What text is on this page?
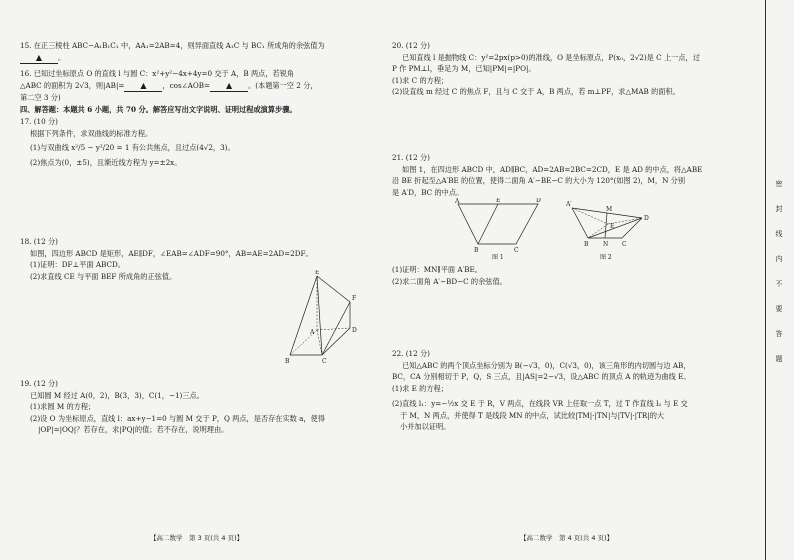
15. 在正三棱柱 ABC−A₁B₁C₁ 中，AA₁=2AB=4，则异面直线 A₁C 与 BC₁ 所成角的余弦值为

▲ 。

16. 已知过坐标原点 O 的直线 l 与圆 C：x²+y²−4x+4y=0 交于 A，B 两点，若锐角

△ABC 的面积为 2√3，则|AB|= ▲ ，cos∠AOB= ▲ 。(本题第一空 2 分，

第二空 3 分)

四、解答题：本题共 6 小题，共 70 分。解答应写出文字说明、证明过程或演算步骤。

17. (10 分)

根据下列条件，求双曲线的标准方程。

(1)与双曲线 x²/5 − y²/20 = 1 有公共焦点，且过点(4√2，3)。

(2)焦点为(0，±5)，且渐近线方程为 y=±2x。

18. (12 分)

如图，四边形 ABCD 是矩形，AE∥DF，∠EAB=∠ADF=90°，AB=AE=2AD=2DF。

(1)证明：DF⊥平面 ABCD。

(2)求直线 CE 与平面 BEF 所成角的正弦值。	E
F
A	D
B	C

19. (12 分)

已知圆 M 经过 A(0，2)，B(3，3)，C(1，−1)三点。

(1)求圆 M 的方程；

(2)设 O 为坐标原点，直线 l：ax+y−1=0 与圆 M 交于 P，Q 两点，是否存在实数 a，使得

|OP|=|OQ|？若存在，求|PQ|的值；若不存在，说明理由。

【高二数学　第 3 页(共 4 页)】

20. (12 分)

已知直线 l 是抛物线 C：y²=2px(p>0)的准线，O 是坐标原点，P(x₀，2√2)是 C 上一点，过

P 作 PM⊥l，垂足为 M，已知|PM|=|PO|。

(1)求 C 的方程；

(2)设直线 m 经过 C 的焦点 F，且与 C 交于 A，B 两点，若 m⊥PF，求△MAB 的面积。

21. (12 分)

如图 1，在四边形 ABCD 中，AD∥BC，AD=2AB=2BC=2CD，E 是 AD 的中点，将△ABE

沿 BE 折起至△A′BE 的位置，使得二面角 A′−BE−C 的大小为 120°(如图 2)，M，N 分别

是 A′D，BC 的中点。

A	E	D
B	C
图 1
A′
M
E
D
B N C
图 2

(1)证明：MN∥平面 A′BE。

(2)求二面角 A′−BD−C 的余弦值。

22. (12 分)

已知△ABC 的两个顶点坐标分别为 B(−√3，0)，C(√3，0)，该三角形的内切圆与边 AB，

BC，CA 分别相切于 P，Q，S 三点，且|AS|=2−√3，设△ABC 的顶点 A 的轨迹为曲线 E。

(1)求 E 的方程；

(2)直线 l₁：y=−½x 交 E 于 R，V 两点，在线段 VR 上任取一点 T，过 T 作直线 l₂ 与 E 交

于 M，N 两点，并使得 T 是线段 MN 的中点，试比较|TM|·|TN|与|TV|·|TR|的大

小并加以证明。

【高二数学　第 4 页(共 4 页)】
密封线内不要答题
